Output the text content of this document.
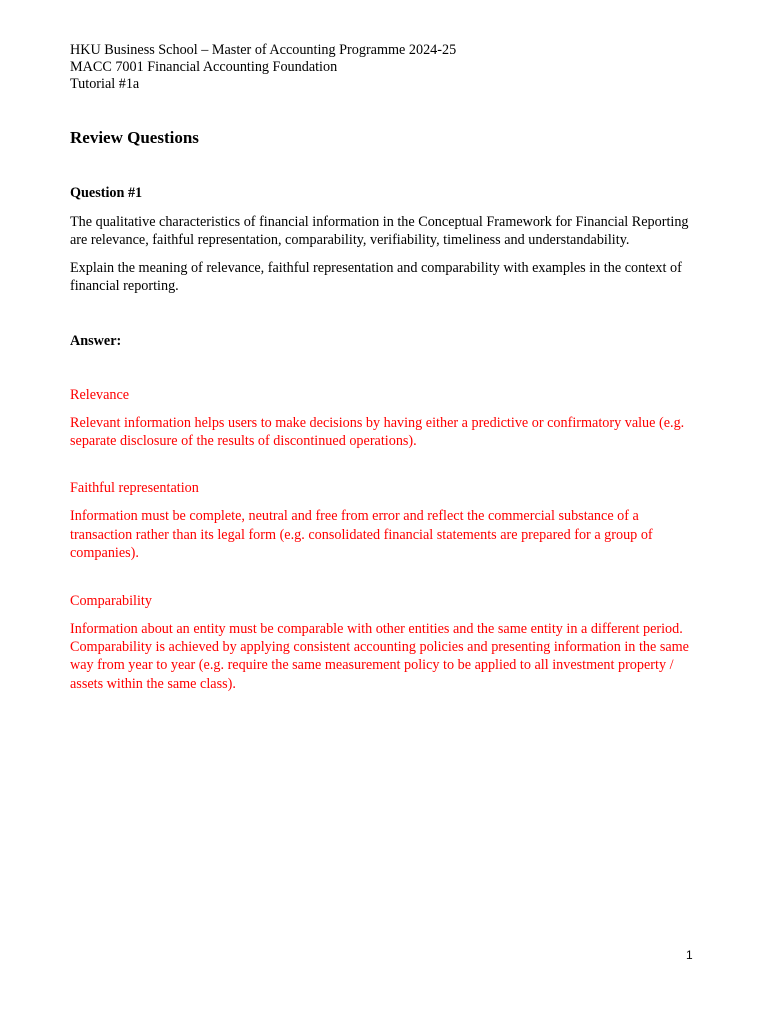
HKU Business School – Master of Accounting Programme 2024-25

MACC 7001 Financial Accounting Foundation

Tutorial #1a

Review Questions
Question #1

The qualitative characteristics of financial information in the Conceptual Framework for Financial Reporting are relevance, faithful representation, comparability, verifiability, timeliness and understandability.

Explain the meaning of relevance, faithful representation and comparability with examples in the context of financial reporting.

Answer:

Relevance

Relevant information helps users to make decisions by having either a predictive or confirmatory value (e.g. separate disclosure of the results of discontinued operations).

Faithful representation

Information must be complete, neutral and free from error and reflect the commercial substance of a transaction rather than its legal form (e.g. consolidated financial statements are prepared for a group of companies).

Comparability

Information about an entity must be comparable with other entities and the same entity in a different period. Comparability is achieved by applying consistent accounting policies and presenting information in the same way from year to year (e.g. require the same measurement policy to be applied to all investment property / assets within the same class).

1
